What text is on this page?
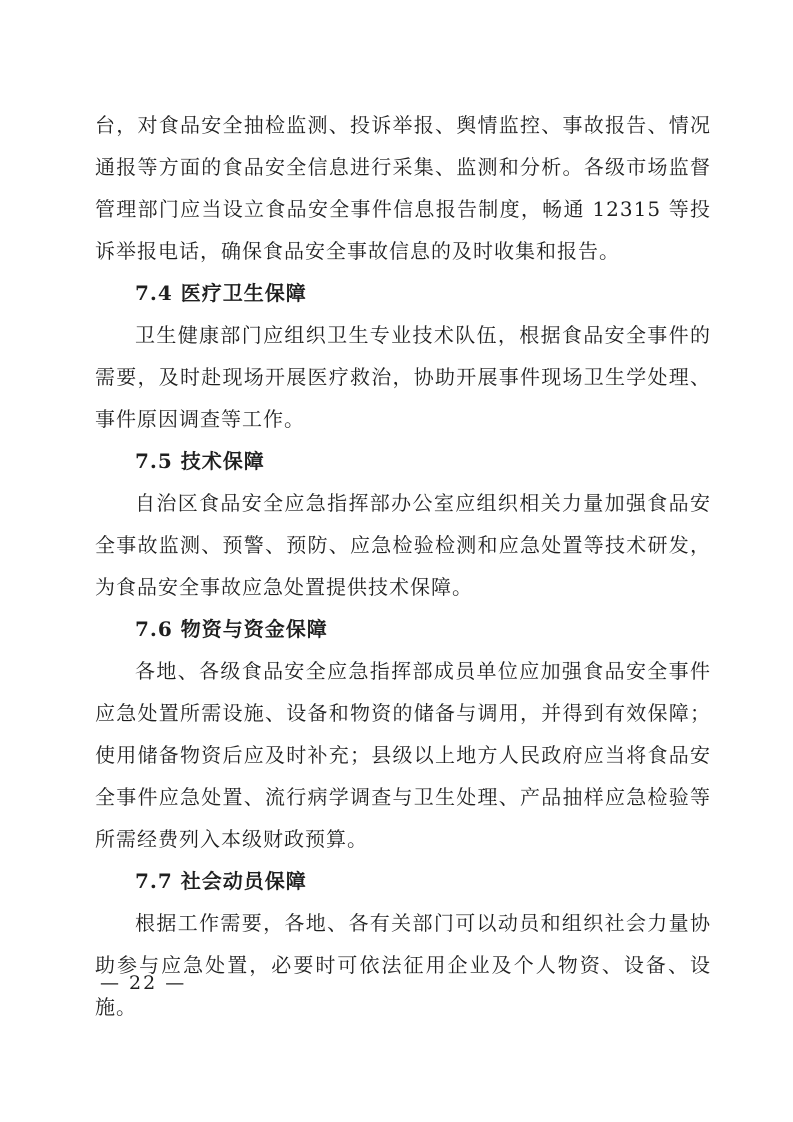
台，对食品安全抽检监测、投诉举报、舆情监控、事故报告、情况通报等方面的食品安全信息进行采集、监测和分析。各级市场监督管理部门应当设立食品安全事件信息报告制度，畅通 12315 等投诉举报电话，确保食品安全事故信息的及时收集和报告。

7.4 医疗卫生保障

卫生健康部门应组织卫生专业技术队伍，根据食品安全事件的需要，及时赴现场开展医疗救治，协助开展事件现场卫生学处理、事件原因调查等工作。

7.5 技术保障

自治区食品安全应急指挥部办公室应组织相关力量加强食品安全事故监测、预警、预防、应急检验检测和应急处置等技术研发，为食品安全事故应急处置提供技术保障。

7.6 物资与资金保障

各地、各级食品安全应急指挥部成员单位应加强食品安全事件应急处置所需设施、设备和物资的储备与调用，并得到有效保障；使用储备物资后应及时补充；县级以上地方人民政府应当将食品安全事件应急处置、流行病学调查与卫生处理、产品抽样应急检验等所需经费列入本级财政预算。

7.7 社会动员保障

根据工作需要，各地、各有关部门可以动员和组织社会力量协助参与应急处置，必要时可依法征用企业及个人物资、设备、设施。

— 22 —
